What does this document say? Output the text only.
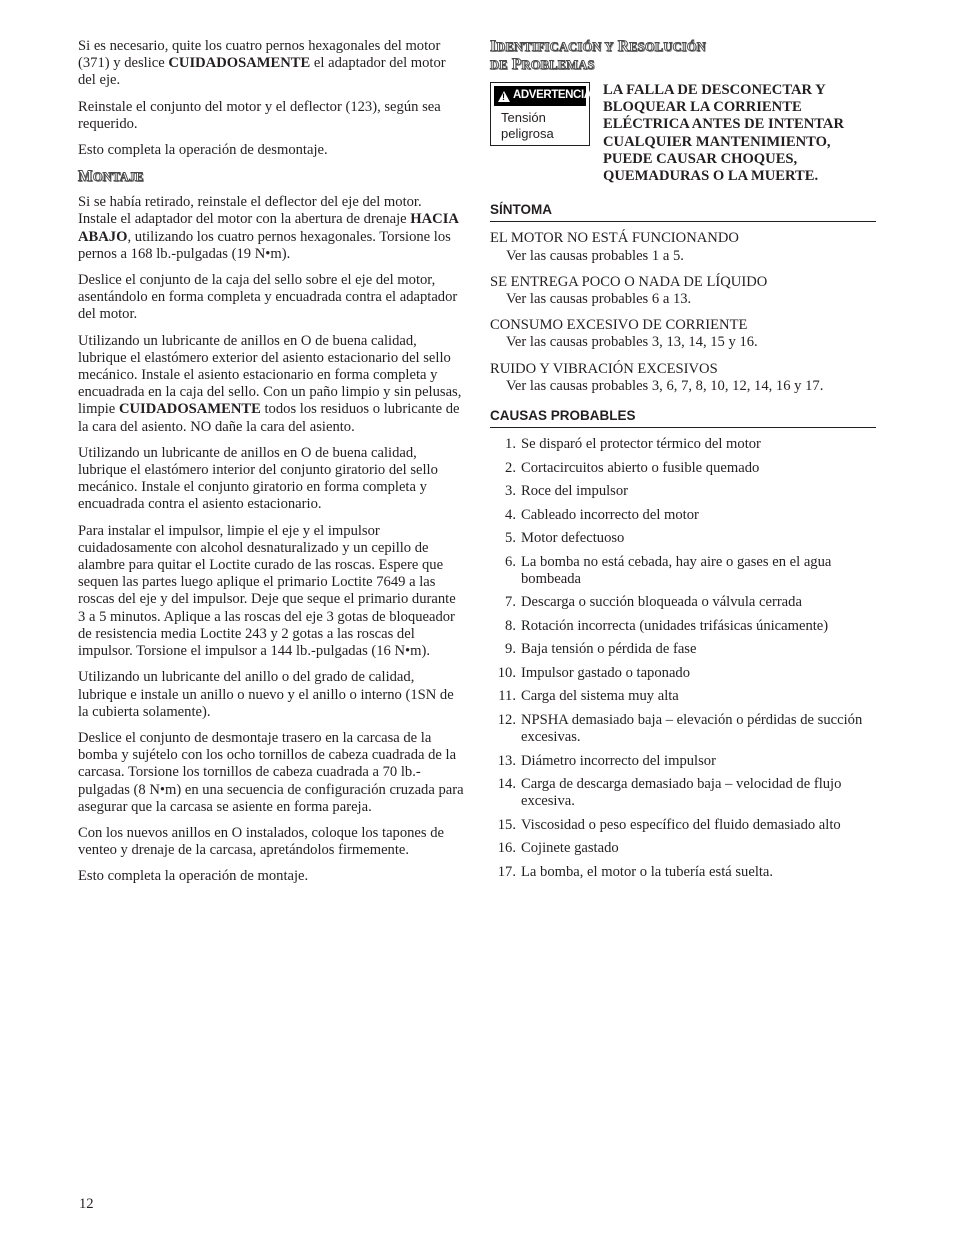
Si es necesario, quite los cuatro pernos hexagonales del motor (371) y deslice CUIDADOSAMENTE el adaptador del motor del eje.

Reinstale el conjunto del motor y el deflector (123), según sea requerido.

Esto completa la operación de desmontaje.

MONTAJE

Si se había retirado, reinstale el deflector del eje del motor. Instale el adaptador del motor con la abertura de drenaje HACIA ABAJO, utilizando los cuatro pernos hexagonales. Torsione los pernos a 168 lb.-pulgadas (19 N•m).

Deslice el conjunto de la caja del sello sobre el eje del motor, asentándolo en forma completa y encuadrada contra el adaptador del motor.

Utilizando un lubricante de anillos en O de buena calidad, lubrique el elastómero exterior del asiento estacionario del sello mecánico. Instale el asiento estacionario en forma completa y encuadrada en la caja del sello. Con un paño limpio y sin pelusas, limpie CUIDADOSAMENTE todos los residuos o lubricante de la cara del asiento. NO dañe la cara del asiento.

Utilizando un lubricante de anillos en O de buena calidad, lubrique el elastómero interior del conjunto giratorio del sello mecánico. Instale el conjunto giratorio en forma completa y encuadrada contra el asiento estacionario.

Para instalar el impulsor, limpie el eje y el impulsor cuidadosamente con alcohol desnaturalizado y un cepillo de alambre para quitar el Loctite curado de las roscas. Espere que sequen las partes luego aplique el primario Loctite 7649 a las roscas del eje y del impulsor. Deje que seque el primario durante 3 a 5 minutos. Aplique a las roscas del eje 3 gotas de bloqueador de resistencia media Loctite 243 y 2 gotas a las roscas del impulsor. Torsione el impulsor a 144 lb.-pulgadas (16 N•m).

Utilizando un lubricante del anillo o del grado de calidad, lubrique e instale un anillo o nuevo y el anillo o interno (1SN de la cubierta solamente).

Deslice el conjunto de desmontaje trasero en la carcasa de la bomba y sujételo con los ocho tornillos de cabeza cuadrada de la carcasa. Torsione los tornillos de cabeza cuadrada a 70 lb.-pulgadas (8 N•m) en una secuencia de configuración cruzada para asegurar que la carcasa se asiente en forma pareja.

Con los nuevos anillos en O instalados, coloque los tapones de venteo y drenaje de la carcasa, apretándolos firmemente.

Esto completa la operación de montaje.

IDENTIFICACIÓN Y RESOLUCIÓN
DE PROBLEMAS
!
ADVERTENCIA
Tensión
peligrosa
LA FALLA DE DESCONECTAR Y BLOQUEAR LA CORRIENTE ELÉCTRICA ANTES DE INTENTAR CUALQUIER MANTENIMIENTO, PUEDE CAUSAR CHOQUES, QUEMADURAS O LA MUERTE.
SÍNTOMA
EL MOTOR NO ESTÁ FUNCIONANDO
Ver las causas probables 1 a 5.
SE ENTREGA POCO O NADA DE LÍQUIDO
Ver las causas probables 6 a 13.
CONSUMO EXCESIVO DE CORRIENTE
Ver las causas probables 3, 13, 14, 15 y 16.
RUIDO Y VIBRACIÓN EXCESIVOS
Ver las causas probables 3, 6, 7, 8, 10, 12, 14, 16 y 17.
CAUSAS PROBABLES
1. Se disparó el protector térmico del motor
2. Cortacircuitos abierto o fusible quemado
3. Roce del impulsor
4. Cableado incorrecto del motor
5. Motor defectuoso
6. La bomba no está cebada, hay aire o gases en el agua bombeada
7. Descarga o succión bloqueada o válvula cerrada
8. Rotación incorrecta (unidades trifásicas únicamente)
9. Baja tensión o pérdida de fase
10. Impulsor gastado o taponado
11. Carga del sistema muy alta
12. NPSHA demasiado baja – elevación o pérdidas de succión excesivas.
13. Diámetro incorrecto del impulsor
14. Carga de descarga demasiado baja – velocidad de flujo excesiva.
15. Viscosidad o peso específico del fluido demasiado alto
16. Cojinete gastado
17. La bomba, el motor o la tubería está suelta.
12
